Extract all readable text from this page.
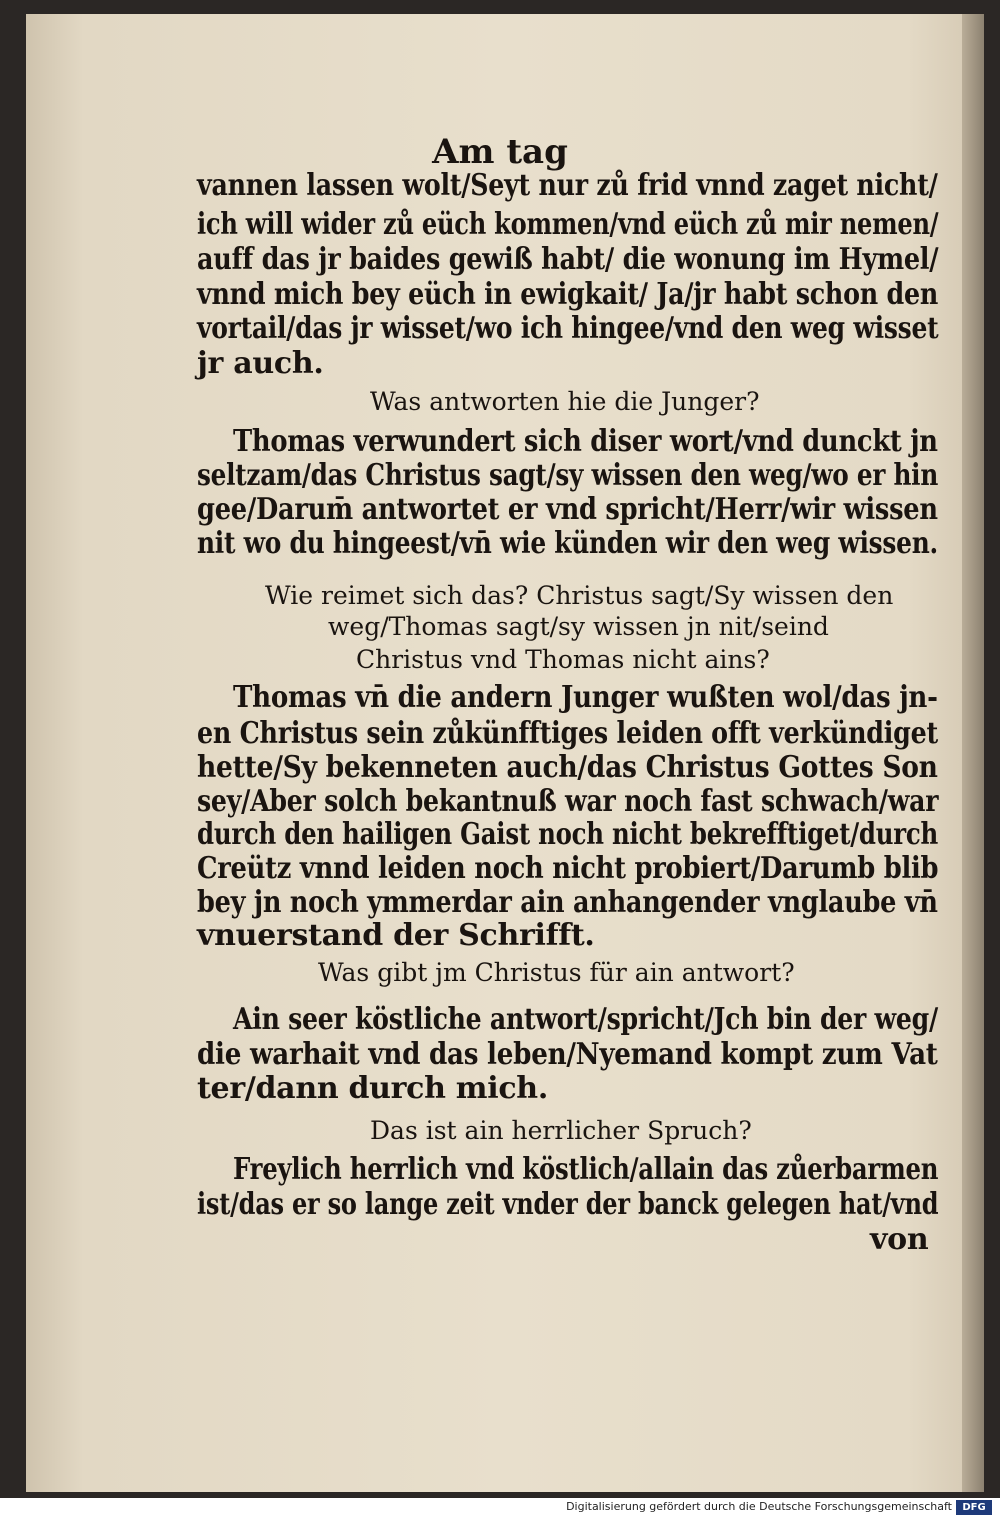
Am tag
vannen lassen wolt/Seyt nur zů frid vnnd zaget nicht/
ich will wider zů eüch kommen/vnd eüch zů mir nemen/
auff das jr baides gewiß habt/ die wonung im Hymel/
vnnd mich bey eüch in ewigkait/ Ja/jr habt schon den
vortail/das jr wisset/wo ich hingee/vnd den weg wisset
jr auch.
Was antworten hie die Junger?
Thomas verwundert sich diser wort/vnd dunckt jn
seltzam/das Christus sagt/sy wissen den weg/wo er hin
gee/Darum̄ antwortet er vnd spricht/Herr/wir wissen
nit wo du hingeest/vn̄ wie künden wir den weg wissen.
Wie reimet sich das? Christus sagt/Sy wissen den
weg/Thomas sagt/sy wissen jn nit/seind
Christus vnd Thomas nicht ains?
Thomas vn̄ die andern Junger wußten wol/das jn-
en Christus sein zůkünfftiges leiden offt verkündiget
hette/Sy bekenneten auch/das Christus Gottes Son
sey/Aber solch bekantnuß war noch fast schwach/war
durch den hailigen Gaist noch nicht bekrefftiget/durch
Creütz vnnd leiden noch nicht probiert/Darumb blib
bey jn noch ymmerdar ain anhangender vnglaube vn̄
vnuerstand der Schrifft.
Was gibt jm Christus für ain antwort?
Ain seer köstliche antwort/spricht/Jch bin der weg/
die warhait vnd das leben/Nyemand kompt zum Vat
ter/dann durch mich.
Das ist ain herrlicher Spruch?
Freylich herrlich vnd köstlich/allain das zůerbarmen
ist/das er so lange zeit vnder der banck gelegen hat/vnd
von
Digitalisierung gefördert durch die Deutsche Forschungsgemeinschaft	DFG
